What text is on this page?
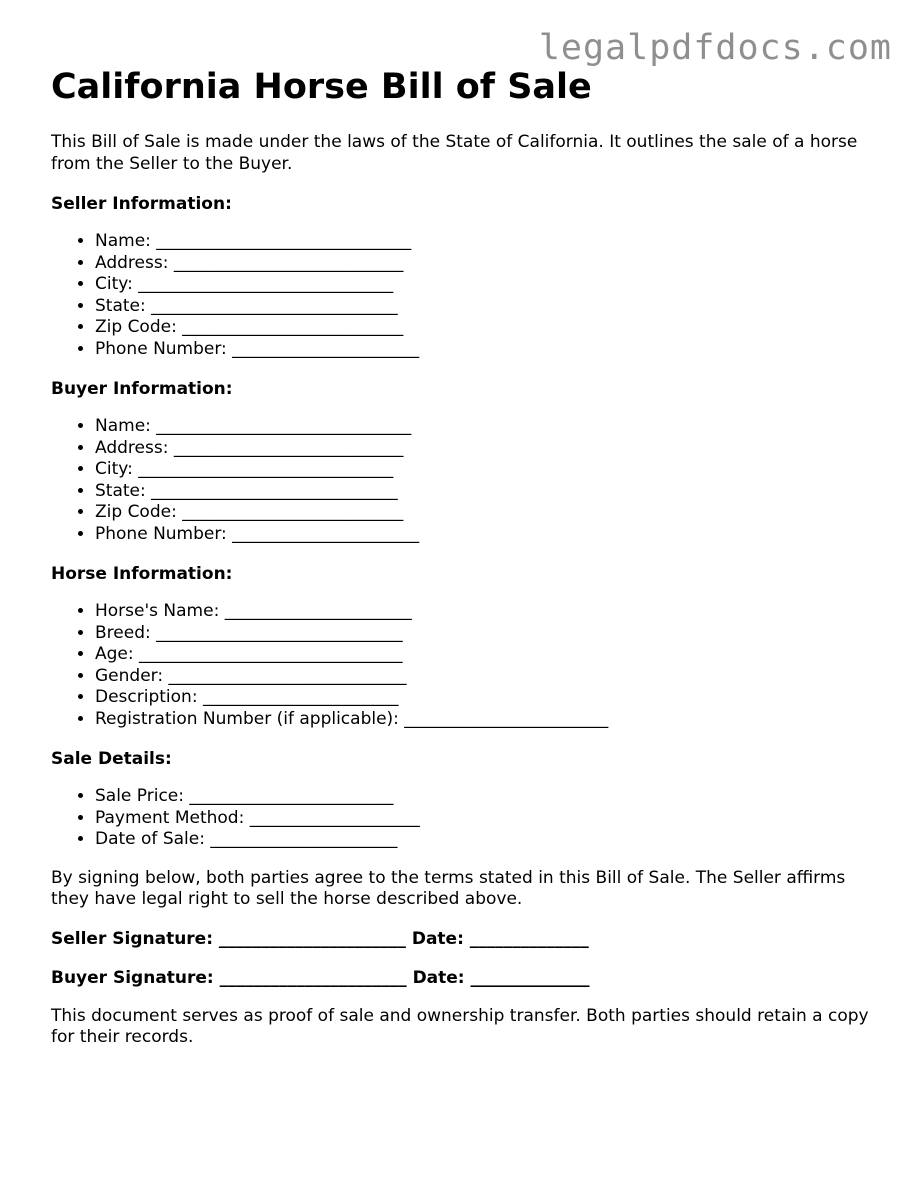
legalpdfdocs.com
California Horse Bill of Sale

This Bill of Sale is made under the laws of the State of California. It outlines the sale of a horse from the Seller to the Buyer.

Seller Information:
• Name: ______________________________
• Address: ___________________________
• City: ______________________________
• State: _____________________________
• Zip Code: __________________________
• Phone Number: ______________________
Buyer Information:
• Name: ______________________________
• Address: ___________________________
• City: ______________________________
• State: _____________________________
• Zip Code: __________________________
• Phone Number: ______________________
Horse Information:
• Horse's Name: ______________________
• Breed: _____________________________
• Age: _______________________________
• Gender: ____________________________
• Description: _______________________
• Registration Number (if applicable): ________________________
Sale Details:
• Sale Price: ________________________
• Payment Method: ____________________
• Date of Sale: ______________________

By signing below, both parties agree to the terms stated in this Bill of Sale. The Seller affirms they have legal right to sell the horse described above.

Seller Signature: ______________________ Date: ______________
Buyer Signature: ______________________ Date: ______________

This document serves as proof of sale and ownership transfer. Both parties should retain a copy for their records.
